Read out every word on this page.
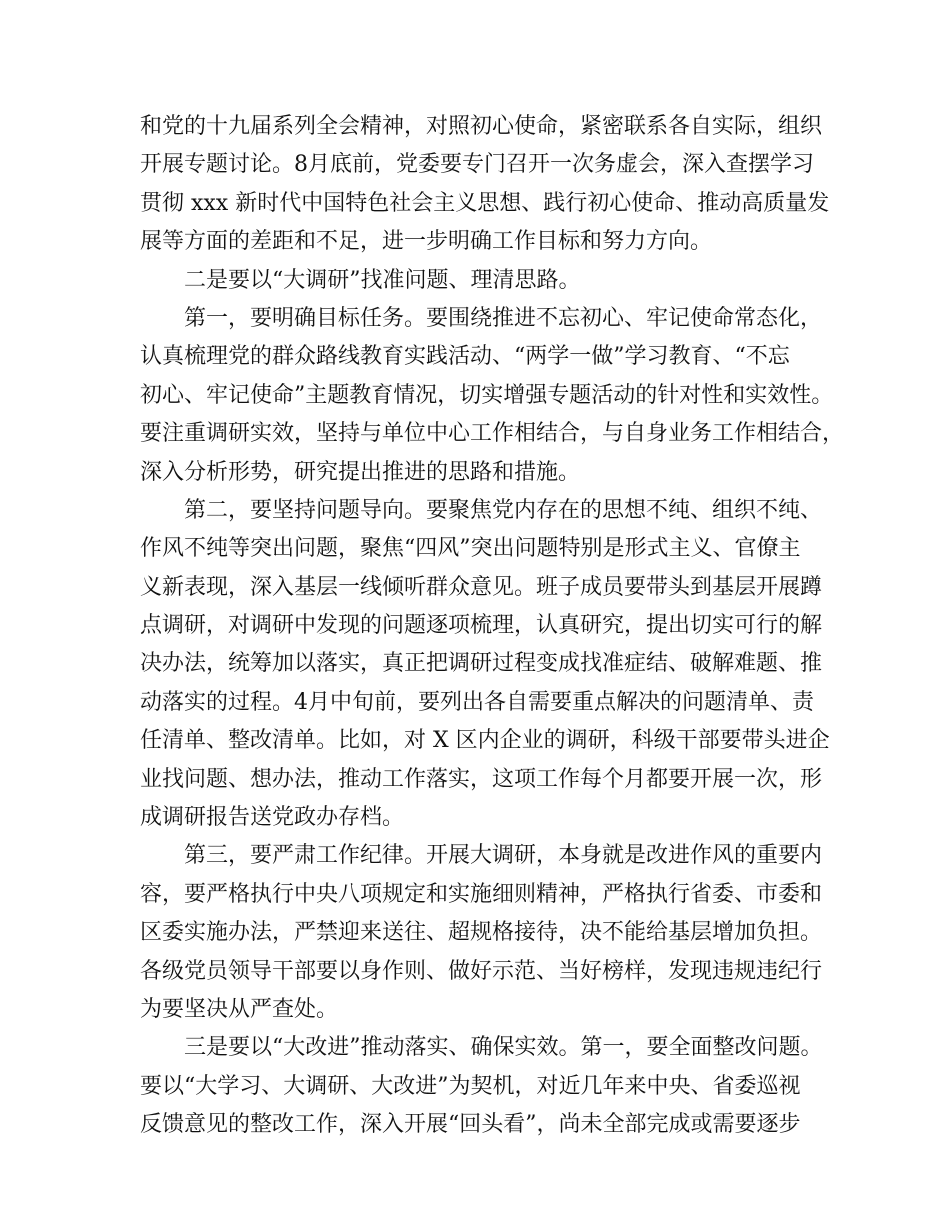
和党的十九届系列全会精神，对照初心使命，紧密联系各自实际，组织
开展专题讨论。8月底前，党委要专门召开一次务虚会，深入查摆学习
贯彻 xxx 新时代中国特色社会主义思想、践行初心使命、推动高质量发
展等方面的差距和不足，进一步明确工作目标和努力方向。
　　二是要以“大调研”找准问题、理清思路。
　　第一，要明确目标任务。要围绕推进不忘初心、牢记使命常态化，
认真梳理党的群众路线教育实践活动、“两学一做”学习教育、“不忘
初心、牢记使命”主题教育情况，切实增强专题活动的针对性和实效性。
要注重调研实效，坚持与单位中心工作相结合，与自身业务工作相结合，
深入分析形势，研究提出推进的思路和措施。
　　第二，要坚持问题导向。要聚焦党内存在的思想不纯、组织不纯、
作风不纯等突出问题，聚焦“四风”突出问题特别是形式主义、官僚主
义新表现，深入基层一线倾听群众意见。班子成员要带头到基层开展蹲
点调研，对调研中发现的问题逐项梳理，认真研究，提出切实可行的解
决办法，统筹加以落实，真正把调研过程变成找准症结、破解难题、推
动落实的过程。4月中旬前，要列出各自需要重点解决的问题清单、责
任清单、整改清单。比如，对 X 区内企业的调研，科级干部要带头进企
业找问题、想办法，推动工作落实，这项工作每个月都要开展一次，形
成调研报告送党政办存档。
　　第三，要严肃工作纪律。开展大调研，本身就是改进作风的重要内
容，要严格执行中央八项规定和实施细则精神，严格执行省委、市委和
区委实施办法，严禁迎来送往、超规格接待，决不能给基层增加负担。
各级党员领导干部要以身作则、做好示范、当好榜样，发现违规违纪行
为要坚决从严查处。
　　三是要以“大改进”推动落实、确保实效。第一，要全面整改问题。
要以“大学习、大调研、大改进”为契机，对近几年来中央、省委巡视
反馈意见的整改工作，深入开展“回头看”，尚未全部完成或需要逐步
